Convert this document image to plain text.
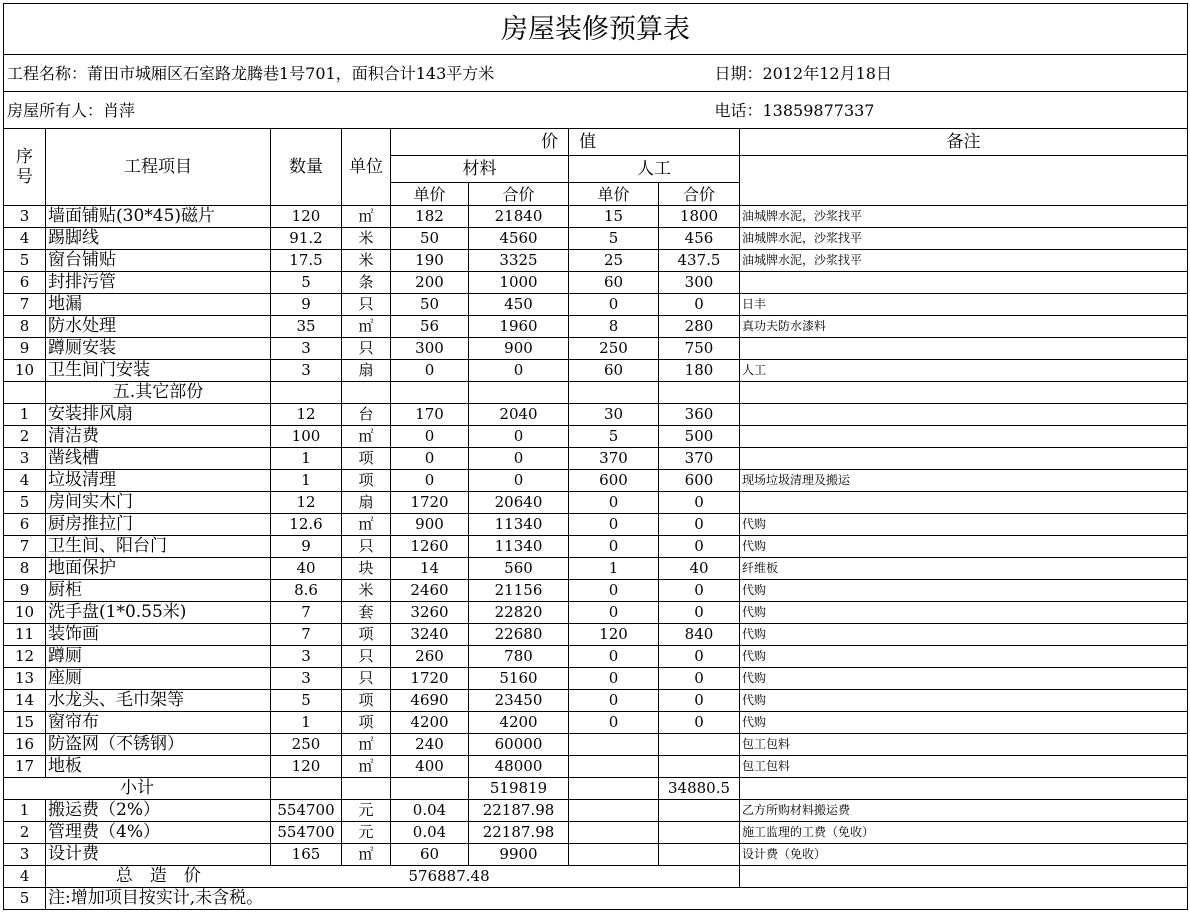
房屋装修预算表								
工程名称：莆田市城厢区石室路龙腾巷1号701，面积合计143平方米							日期：2012年12月18日	
房屋所有人：肖萍							电话：13859877337	
序号	工程项目	数量	单位	价		值		备注
				材料		人工		
				单价	合价	单价	合价	
3	墙面铺贴(30*45)磁片	120	㎡	182	21840	15	1800	油城牌水泥，沙浆找平
4	踢脚线	91.2	米	50	4560	5	456	油城牌水泥，沙浆找平
5	窗台铺贴	17.5	米	190	3325	25	437.5	油城牌水泥，沙浆找平
6	封排污管	5	条	200	1000	60	300	
7	地漏	9	只	50	450	0	0	日丰
8	防水处理	35	㎡	56	1960	8	280	真功夫防水漆料
9	蹲厕安装	3	只	300	900	250	750	
10	卫生间门安装	3	扇	0	0	60	180	人工
	五.其它部份							
1	安装排风扇	12	台	170	2040	30	360	
2	清洁费	100	㎡	0	0	5	500	
3	凿线槽	1	项	0	0	370	370	
4	垃圾清理	1	项	0	0	600	600	现场垃圾清理及搬运
5	房间实木门	12	扇	1720	20640	0	0	
6	厨房推拉门	12.6	㎡	900	11340	0	0	代购
7	卫生间、阳台门	9	只	1260	11340	0	0	代购
8	地面保护	40	块	14	560	1	40	纤维板
9	厨柜	8.6	米	2460	21156	0	0	代购
10	洗手盘(1*0.55米)	7	套	3260	22820	0	0	代购
11	装饰画	7	项	3240	22680	120	840	代购
12	蹲厕	3	只	260	780	0	0	代购
13	座厕	3	只	1720	5160	0	0	代购
14	水龙头、毛巾架等	5	项	4690	23450	0	0	代购
15	窗帘布	1	项	4200	4200	0	0	代购
16	防盗网（不锈钢）	250	㎡	240	60000			包工包料
17	地板	120	㎡	400	48000			包工包料
小计					519819		34880.5	
1	搬运费（2%）	554700	元	0.04	22187.98			乙方所购材料搬运费
2	管理费（4%）	554700	元	0.04	22187.98			施工监理的工费（免收）
3	设计费	165	㎡	60	9900			设计费（免收）
4	总　造　价	576887.48						
5	注:增加项目按实计,未含税。							
